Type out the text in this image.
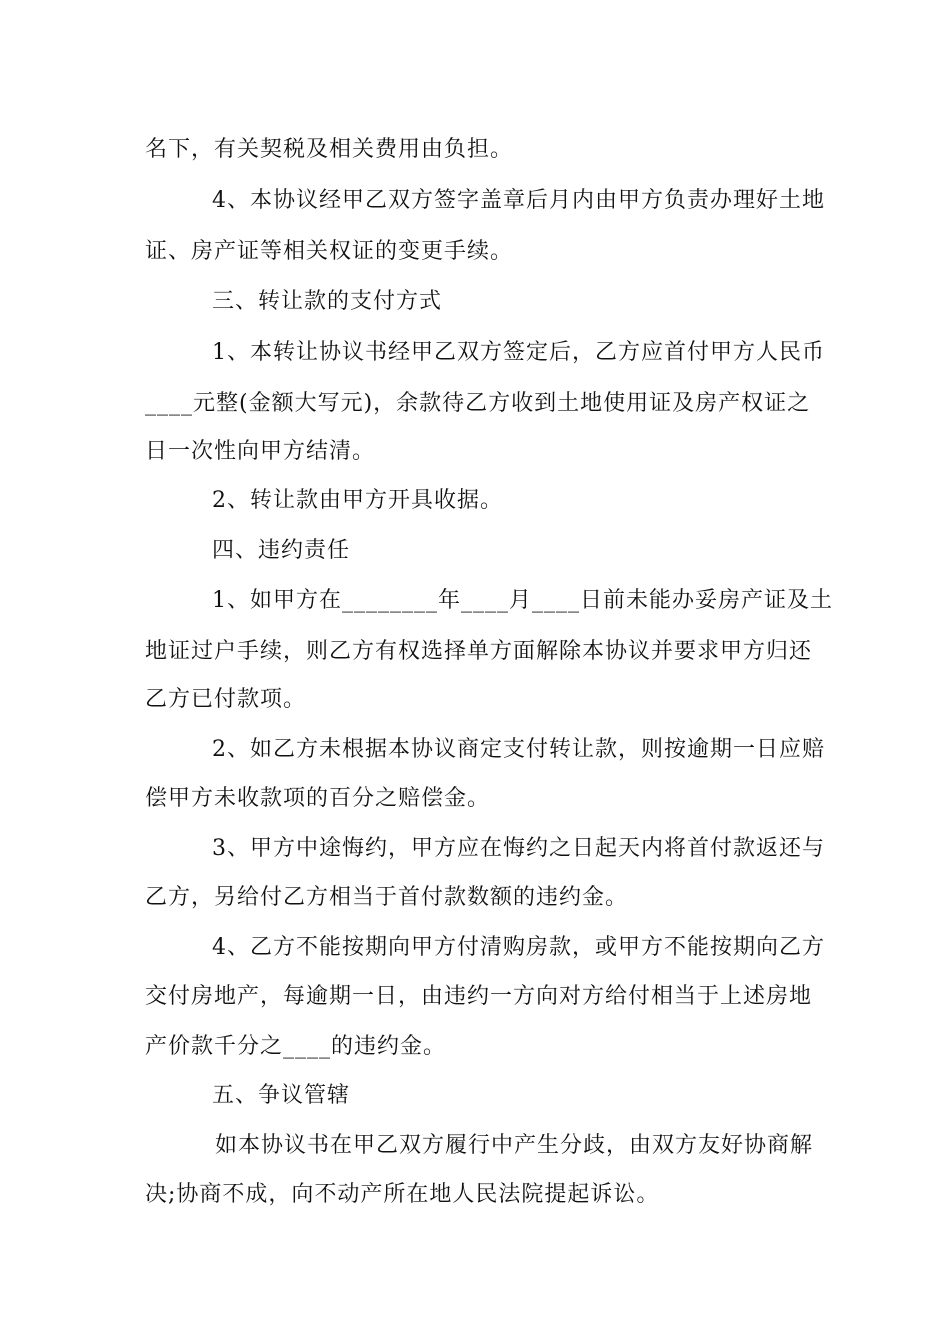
名下，有关契税及相关费用由负担。
4、本协议经甲乙双方签字盖章后月内由甲方负责办理好土地
证、房产证等相关权证的变更手续。
三、转让款的支付方式
1、本转让协议书经甲乙双方签定后，乙方应首付甲方人民币
____元整(金额大写元)，余款待乙方收到土地使用证及房产权证之
日一次性向甲方结清。
2、转让款由甲方开具收据。
四、违约责任
1、如甲方在________年____月____日前未能办妥房产证及土
地证过户手续，则乙方有权选择单方面解除本协议并要求甲方归还
乙方已付款项。
2、如乙方未根据本协议商定支付转让款，则按逾期一日应赔
偿甲方未收款项的百分之赔偿金。
3、甲方中途悔约，甲方应在悔约之日起天内将首付款返还与
乙方，另给付乙方相当于首付款数额的违约金。
4、乙方不能按期向甲方付清购房款，或甲方不能按期向乙方
交付房地产，每逾期一日，由违约一方向对方给付相当于上述房地
产价款千分之____的违约金。
五、争议管辖
如本协议书在甲乙双方履行中产生分歧，由双方友好协商解
决;协商不成，向不动产所在地人民法院提起诉讼。
